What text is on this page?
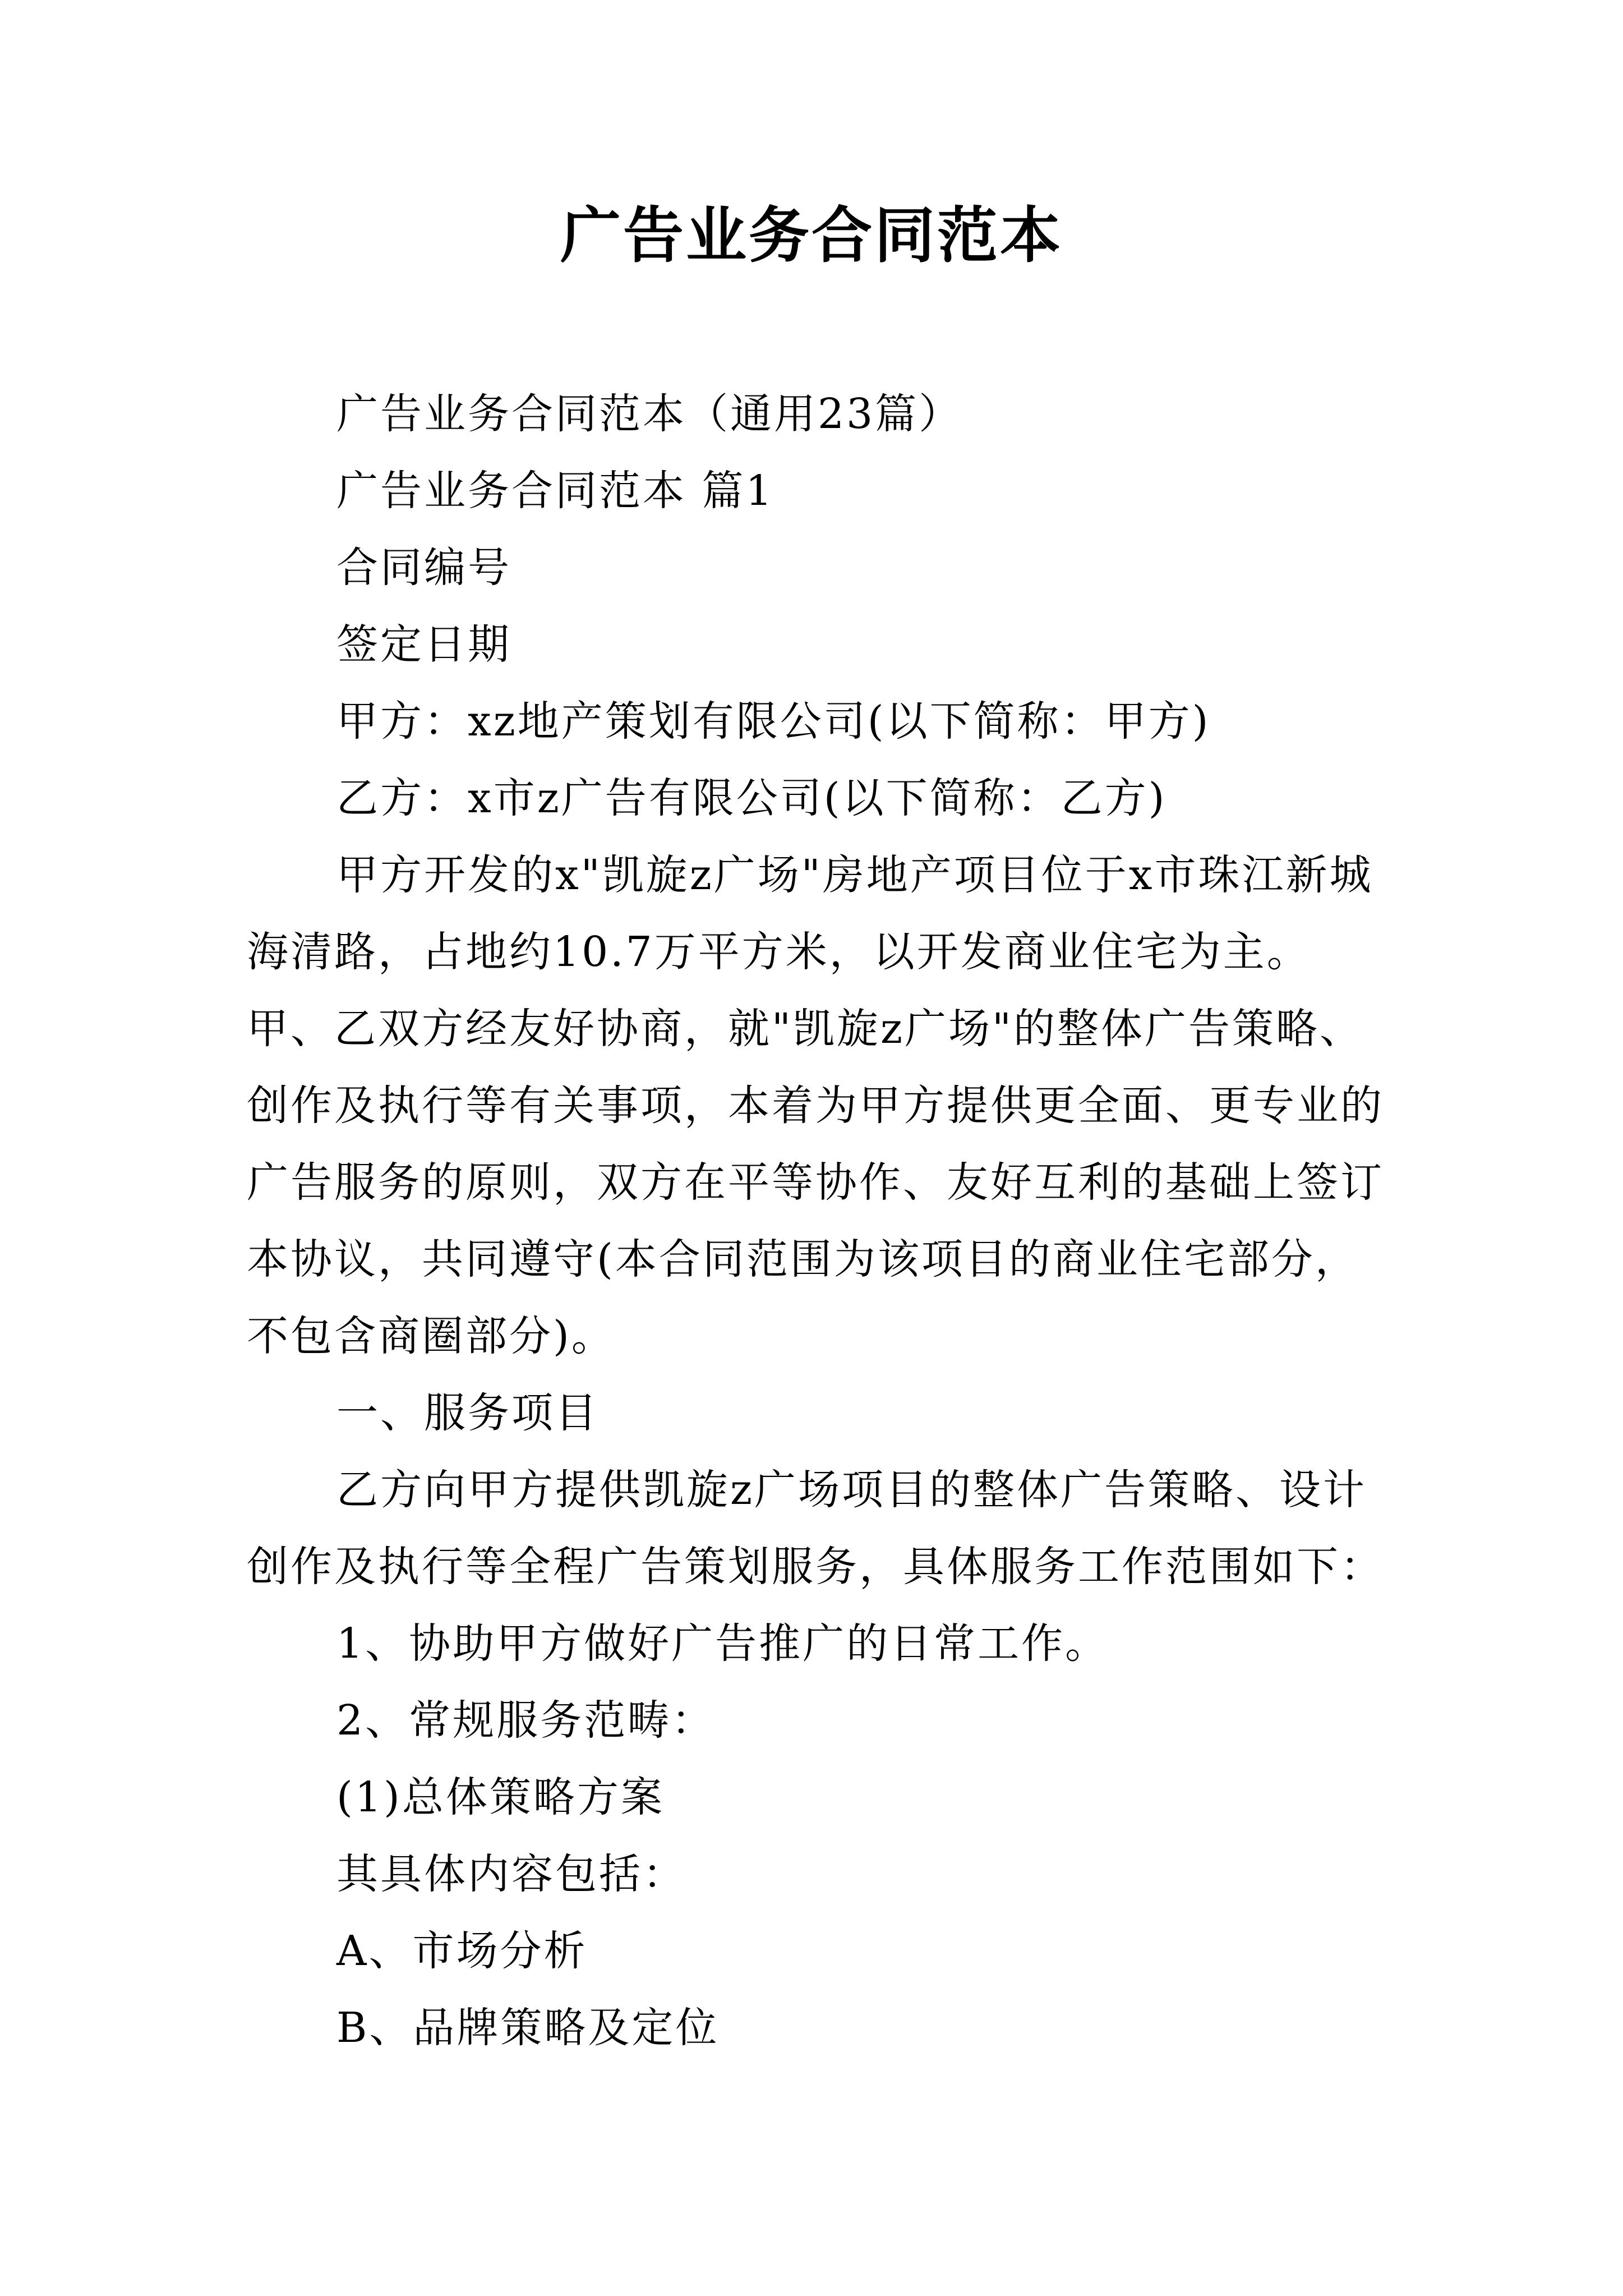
广告业务合同范本

广告业务合同范本（通用23篇）

广告业务合同范本 篇1

合同编号

签定日期

甲方：xz地产策划有限公司(以下简称：甲方)

乙方：x市z广告有限公司(以下简称：乙方)

甲方开发的x"凯旋z广场"房地产项目位于x市珠江新城海清路，占地约10.7万平方米，以开发商业住宅为主。甲、乙双方经友好协商，就"凯旋z广场"的整体广告策略、创作及执行等有关事项，本着为甲方提供更全面、更专业的广告服务的原则，双方在平等协作、友好互利的基础上签订本协议，共同遵守(本合同范围为该项目的商业住宅部分，不包含商圈部分)。

一、服务项目

乙方向甲方提供凯旋z广场项目的整体广告策略、设计创作及执行等全程广告策划服务，具体服务工作范围如下：

1、协助甲方做好广告推广的日常工作。

2、常规服务范畴：

(1)总体策略方案

其具体内容包括：

A、市场分析

B、品牌策略及定位
